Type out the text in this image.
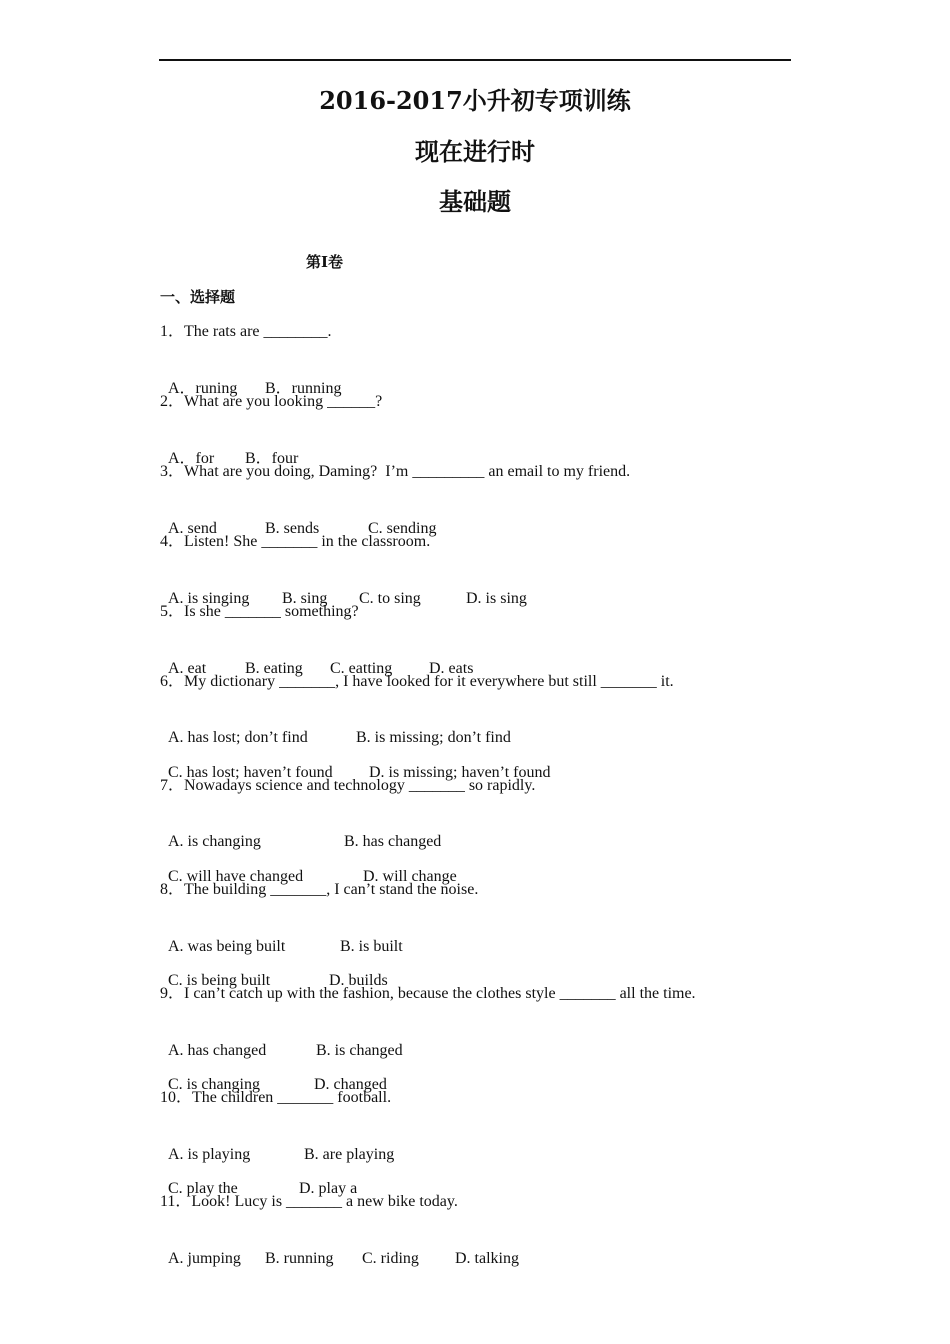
2016-2017小升初专项训练
现在进行时
基础题
第I卷
一、选择题
1．The rats are ________.

A．runing B．running

2．What are you looking ______?

A．for B．four

3．What are you doing, Daming?  I’m _________ an email to my friend.

A. send	B. sends	C. sending

4．Listen! She _______ in the classroom.

A. is singing B. sing C. to sing	D. is sing

5．Is she _______ something?

A. eat B. eating C. eatting D. eats

6．My dictionary _______, I have looked for it everywhere but still _______ it.

A. has lost; don’t find	B. is missing; don’t find

C. has lost; haven’t found D. is missing; haven’t found

7．Nowadays science and technology _______ so rapidly.

A. is changing	B. has changed

C. will have changed	D. will change

8．The building _______, I can’t stand the noise.

A. was being built	B. is built

C. is being built	D. builds

9．I can’t catch up with the fashion, because the clothes style _______ all the time.

A. has changed	B. is changed

C. is changing	D. changed

10．The children _______ football.

A. is playing	B. are playing

C. play the	D. play a

11．Look! Lucy is _______ a new bike today.

A. jumping B. running C. riding D. talking
